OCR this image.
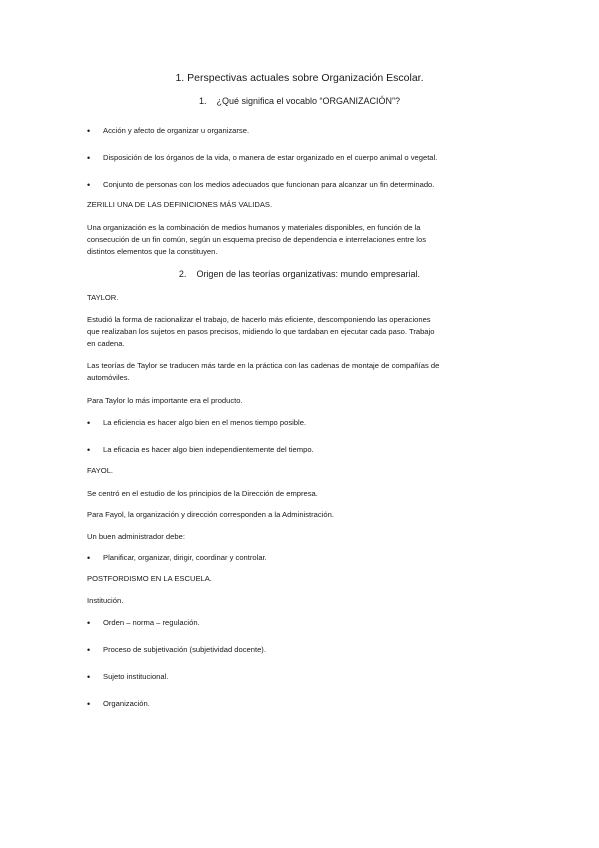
1. Perspectivas actuales sobre Organización Escolar.
1. ¿Qué significa el vocablo “ORGANIZACIÓN”?
• Acción y afecto de organizar u organizarse.
• Disposición de los órganos de la vida, o manera de estar organizado en el cuerpo animal o vegetal.
• Conjunto de personas con los medios adecuados que funcionan para alcanzar un fin determinado.
ZERILLI UNA DE LAS DEFINICIONES MÁS VALIDAS.
Una organización es la combinación de medios humanos y materiales disponibles, en función de la
consecución de un fin común, según un esquema preciso de dependencia e interrelaciones entre los
distintos elementos que la constituyen.
2. Origen de las teorías organizativas: mundo empresarial.
TAYLOR.
Estudió la forma de racionalizar el trabajo, de hacerlo más eficiente, descomponiendo las operaciones
que realizaban los sujetos en pasos precisos, midiendo lo que tardaban en ejecutar cada paso. Trabajo
en cadena.
Las teorías de Taylor se traducen más tarde en la práctica con las cadenas de montaje de compañías de
automóviles.
Para Taylor lo más importante era el producto.
• La eficiencia es hacer algo bien en el menos tiempo posible.
• La eficacia es hacer algo bien independientemente del tiempo.
FAYOL.
Se centró en el estudio de los principios de la Dirección de empresa.
Para Fayol, la organización y dirección corresponden a la Administración.
Un buen administrador debe:
• Planificar, organizar, dirigir, coordinar y controlar.
POSTFORDISMO EN LA ESCUELA.
Institución.
• Orden – norma – regulación.
• Proceso de subjetivación (subjetividad docente).
• Sujeto institucional.
• Organización.
